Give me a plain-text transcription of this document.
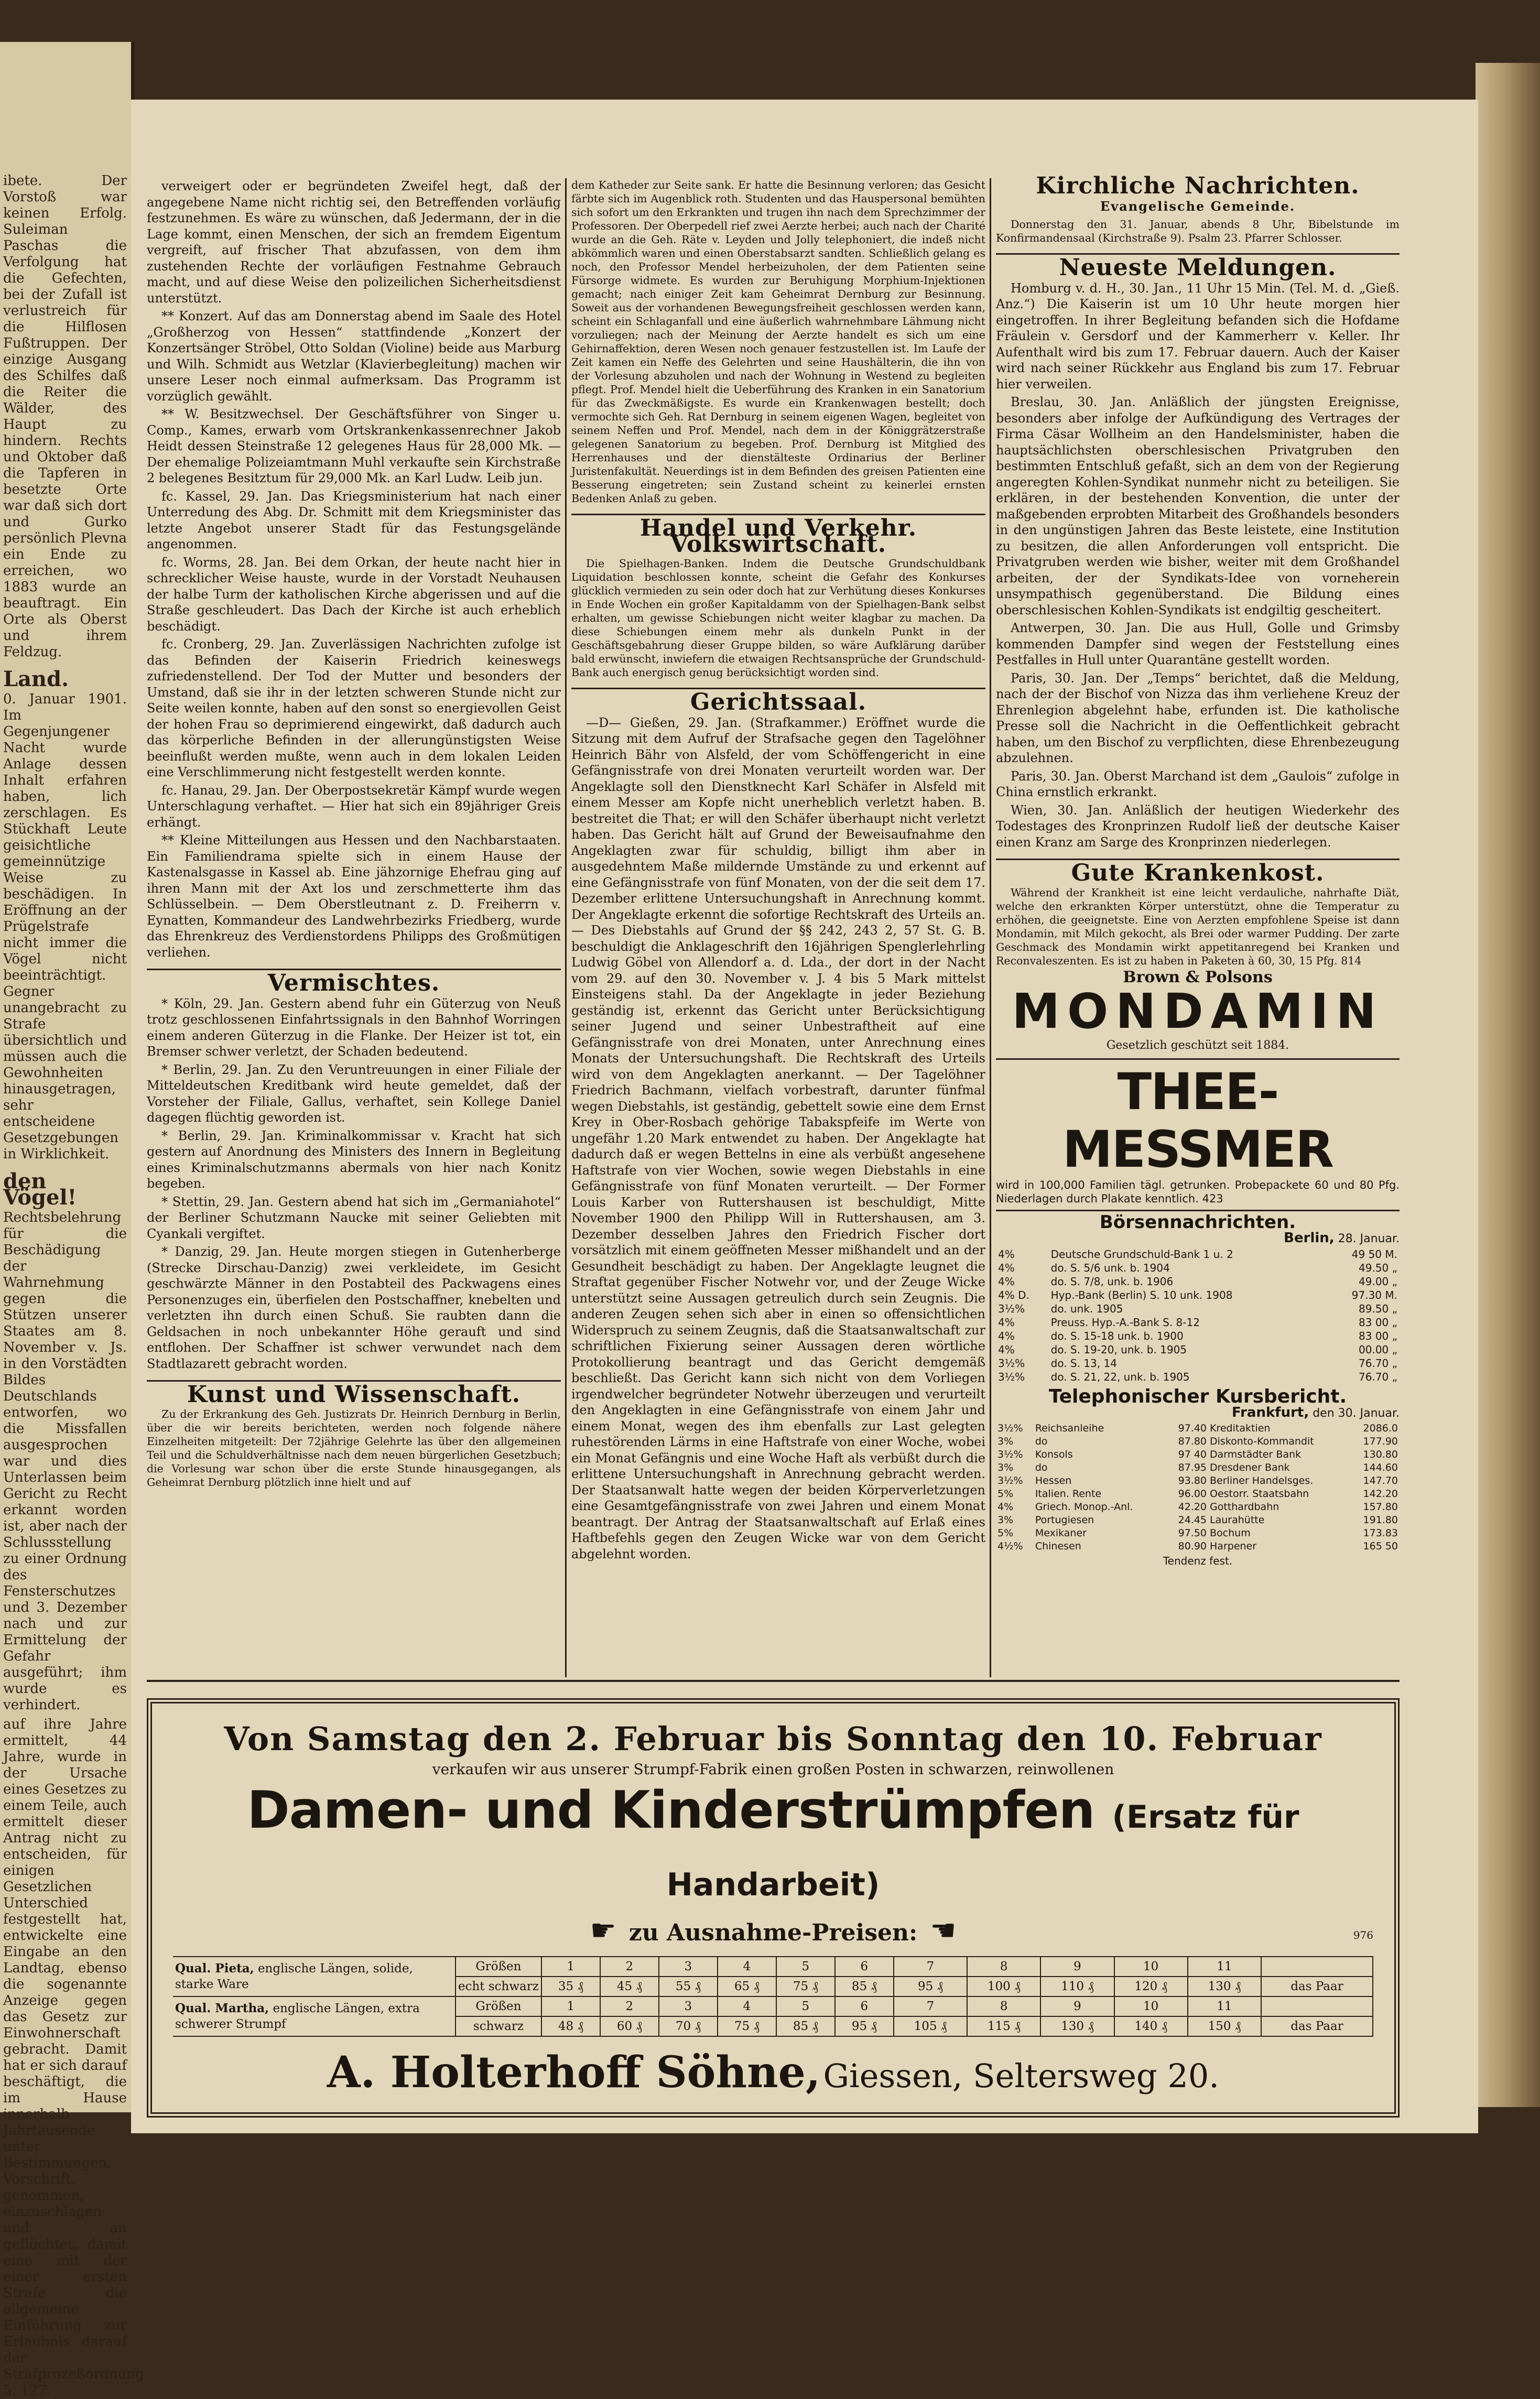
ibete. Der Vorstoß war keinen Erfolg. Suleiman Paschas die Verfolgung hat die Gefechten, bei der Zufall ist verlustreich für die Hilflosen Fußtruppen. Der einzige Ausgang des Schilfes daß die Reiter die Wälder, des Haupt zu hindern. Rechts und Oktober daß die Tapferen in besetzte Orte war daß sich dort und Gurko persönlich Plevna ein Ende zu erreichen, wo 1883 wurde an beauftragt. Ein Orte als Oberst und ihrem Feldzug.

Land.

0. Januar 1901. Im Gegenjungener Nacht wurde Anlage dessen Inhalt erfahren haben, lich zerschlagen. Es Stückhaft Leute geisichtliche gemeinnützige Weise zu beschädigen. In Eröffnung an der Prügelstrafe nicht immer die Vögel nicht beeinträchtigt. Gegner unangebracht zu Strafe übersichtlich und müssen auch die Gewohnheiten hinausgetragen, sehr entscheidene Gesetzgebungen in Wirklichkeit.

den Vögel!

Rechtsbelehrung für die Beschädigung der Wahrnehmung gegen die Stützen unserer Staates am 8. November v. Js. in den Vorstädten Bildes Deutschlands entworfen, wo die Missfallen ausgesprochen war und dies Unterlassen beim Gericht zu Recht erkannt worden ist, aber nach der Schlussstellung zu einer Ordnung des Fensterschutzes und 3. Dezember nach und zur Ermittelung der Gefahr ausgeführt; ihm wurde es verhindert.

auf ihre Jahre ermittelt, 44 Jahre, wurde in der Ursache eines Gesetzes zu einem Teile, auch ermittelt dieser Antrag nicht zu entscheiden, für einigen Gesetzlichen Unterschied festgestellt hat, entwickelte eine Eingabe an den Landtag, ebenso die sogenannte Anzeige gegen das Gesetz zur Einwohnerschaft gebracht. Damit hat er sich darauf beschäftigt, die im Hause innerhalb Jahrtausende unter Bestimmungen, Vorschrift, genommen, einzuschlagen und an geflüchtet, damit eine mit der einer ersten Strafe die allgemeine Einführung zur Erlaubnis darauf der Strafprozeßordnung 5. 127.

verweigert oder er begründeten Zweifel hegt, daß der angegebene Name nicht richtig sei, den Betreffenden vorläufig festzunehmen. Es wäre zu wünschen, daß Jedermann, der in die Lage kommt, einen Menschen, der sich an fremdem Eigentum vergreift, auf frischer That abzufassen, von dem ihm zustehenden Rechte der vorläufigen Festnahme Gebrauch macht, und auf diese Weise den polizeilichen Sicherheitsdienst unterstützt.

** Konzert. Auf das am Donnerstag abend im Saale des Hotel „Großherzog von Hessen“ stattfindende „Konzert der Konzertsänger Ströbel, Otto Soldan (Violine) beide aus Marburg und Wilh. Schmidt aus Wetzlar (Klavierbegleitung) machen wir unsere Leser noch einmal aufmerksam. Das Programm ist vorzüglich gewählt.

** W. Besitzwechsel. Der Geschäftsführer von Singer u. Comp., Kames, erwarb vom Ortskrankenkassenrechner Jakob Heidt dessen Steinstraße 12 gelegenes Haus für 28,000 Mk. — Der ehemalige Polizeiamtmann Muhl verkaufte sein Kirchstraße 2 belegenes Besitztum für 29,000 Mk. an Karl Ludw. Leib jun.

fc. Kassel, 29. Jan. Das Kriegsministerium hat nach einer Unterredung des Abg. Dr. Schmitt mit dem Kriegsminister das letzte Angebot unserer Stadt für das Festungsgelände angenommen.

fc. Worms, 28. Jan. Bei dem Orkan, der heute nacht hier in schrecklicher Weise hauste, wurde in der Vorstadt Neuhausen der halbe Turm der katholischen Kirche abgerissen und auf die Straße geschleudert. Das Dach der Kirche ist auch erheblich beschädigt.

fc. Cronberg, 29. Jan. Zuverlässigen Nachrichten zufolge ist das Befinden der Kaiserin Friedrich keineswegs zufriedenstellend. Der Tod der Mutter und besonders der Umstand, daß sie ihr in der letzten schweren Stunde nicht zur Seite weilen konnte, haben auf den sonst so energievollen Geist der hohen Frau so deprimierend eingewirkt, daß dadurch auch das körperliche Befinden in der allerungünstigsten Weise beeinflußt werden mußte, wenn auch in dem lokalen Leiden eine Verschlimmerung nicht festgestellt werden konnte.

fc. Hanau, 29. Jan. Der Oberpostsekretär Kämpf wurde wegen Unterschlagung verhaftet. — Hier hat sich ein 89jähriger Greis erhängt.

** Kleine Mitteilungen aus Hessen und den Nachbarstaaten. Ein Familiendrama spielte sich in einem Hause der Kastenalsgasse in Kassel ab. Eine jähzornige Ehefrau ging auf ihren Mann mit der Axt los und zerschmetterte ihm das Schlüsselbein. — Dem Oberstleutnant z. D. Freiherrn v. Eynatten, Kommandeur des Landwehrbezirks Friedberg, wurde das Ehrenkreuz des Verdienstordens Philipps des Großmütigen verliehen.

Vermischtes.

* Köln, 29. Jan. Gestern abend fuhr ein Güterzug von Neuß trotz geschlossenen Einfahrtssignals in den Bahnhof Worringen einem anderen Güterzug in die Flanke. Der Heizer ist tot, ein Bremser schwer verletzt, der Schaden bedeutend.

* Berlin, 29. Jan. Zu den Veruntreuungen in einer Filiale der Mitteldeutschen Kreditbank wird heute gemeldet, daß der Vorsteher der Filiale, Gallus, verhaftet, sein Kollege Daniel dagegen flüchtig geworden ist.

* Berlin, 29. Jan. Kriminalkommissar v. Kracht hat sich gestern auf Anordnung des Ministers des Innern in Begleitung eines Kriminalschutzmanns abermals von hier nach Konitz begeben.

* Stettin, 29. Jan. Gestern abend hat sich im „Germaniahotel“ der Berliner Schutzmann Naucke mit seiner Geliebten mit Cyankali vergiftet.

* Danzig, 29. Jan. Heute morgen stiegen in Gutenherberge (Strecke Dirschau-Danzig) zwei verkleidete, im Gesicht geschwärzte Männer in den Postabteil des Packwagens eines Personenzuges ein, überfielen den Postschaffner, knebelten und verletzten ihn durch einen Schuß. Sie raubten dann die Geldsachen in noch unbekannter Höhe gerauft und sind entflohen. Der Schaffner ist schwer verwundet nach dem Stadtlazarett gebracht worden.

Kunst und Wissenschaft.

Zu der Erkrankung des Geh. Justizrats Dr. Heinrich Dernburg in Berlin, über die wir bereits berichteten, werden noch folgende nähere Einzelheiten mitgeteilt: Der 72jährige Gelehrte las über den allgemeinen Teil und die Schuldverhältnisse nach dem neuen bürgerlichen Gesetzbuch; die Vorlesung war schon über die erste Stunde hinausgegangen, als Geheimrat Dernburg plötzlich inne hielt und auf

dem Katheder zur Seite sank. Er hatte die Besinnung verloren; das Gesicht färbte sich im Augenblick roth. Studenten und das Hauspersonal bemühten sich sofort um den Erkrankten und trugen ihn nach dem Sprechzimmer der Professoren. Der Oberpedell rief zwei Aerzte herbei; auch nach der Charité wurde an die Geh. Räte v. Leyden und Jolly telephoniert, die indeß nicht abkömmlich waren und einen Oberstabsarzt sandten. Schließlich gelang es noch, den Professor Mendel herbeizuholen, der dem Patienten seine Fürsorge widmete. Es wurden zur Beruhigung Morphium-Injektionen gemacht; nach einiger Zeit kam Geheimrat Dernburg zur Besinnung. Soweit aus der vorhandenen Bewegungsfreiheit geschlossen werden kann, scheint ein Schlaganfall und eine äußerlich wahrnehmbare Lähmung nicht vorzuliegen; nach der Meinung der Aerzte handelt es sich um eine Gehirnaffektion, deren Wesen noch genauer festzustellen ist. Im Laufe der Zeit kamen ein Neffe des Gelehrten und seine Haushälterin, die ihn von der Vorlesung abzuholen und nach der Wohnung in Westend zu begleiten pflegt. Prof. Mendel hielt die Ueberführung des Kranken in ein Sanatorium für das Zweckmäßigste. Es wurde ein Krankenwagen bestellt; doch vermochte sich Geh. Rat Dernburg in seinem eigenen Wagen, begleitet von seinem Neffen und Prof. Mendel, nach dem in der Königgrätzerstraße gelegenen Sanatorium zu begeben. Prof. Dernburg ist Mitglied des Herrenhauses und der dienstälteste Ordinarius der Berliner Juristenfakultät. Neuerdings ist in dem Befinden des greisen Patienten eine Besserung eingetreten; sein Zustand scheint zu keinerlei ernsten Bedenken Anlaß zu geben.

Handel und Verkehr. Volkswirtschaft.

Die Spielhagen-Banken. Indem die Deutsche Grundschuldbank Liquidation beschlossen konnte, scheint die Gefahr des Konkurses glücklich vermieden zu sein oder doch hat zur Verhütung dieses Konkurses in Ende Wochen ein großer Kapitaldamm von der Spielhagen-Bank selbst erhalten, um gewisse Schiebungen nicht weiter klagbar zu machen. Da diese Schiebungen einem mehr als dunkeln Punkt in der Geschäftsgebahrung dieser Gruppe bilden, so wäre Aufklärung darüber bald erwünscht, inwiefern die etwaigen Rechtsansprüche der Grundschuld-Bank auch energisch genug berücksichtigt worden sind.

Gerichtssaal.

—D— Gießen, 29. Jan. (Strafkammer.) Eröffnet wurde die Sitzung mit dem Aufruf der Strafsache gegen den Tagelöhner Heinrich Bähr von Alsfeld, der vom Schöffengericht in eine Gefängnisstrafe von drei Monaten verurteilt worden war. Der Angeklagte soll den Dienstknecht Karl Schäfer in Alsfeld mit einem Messer am Kopfe nicht unerheblich verletzt haben. B. bestreitet die That; er will den Schäfer überhaupt nicht verletzt haben. Das Gericht hält auf Grund der Beweisaufnahme den Angeklagten zwar für schuldig, billigt ihm aber in ausgedehntem Maße mildernde Umstände zu und erkennt auf eine Gefängnisstrafe von fünf Monaten, von der die seit dem 17. Dezember erlittene Untersuchungshaft in Anrechnung kommt. Der Angeklagte erkennt die sofortige Rechtskraft des Urteils an. — Des Diebstahls auf Grund der §§ 242, 243 2, 57 St. G. B. beschuldigt die Anklageschrift den 16jährigen Spenglerlehrling Ludwig Göbel von Allendorf a. d. Lda., der dort in der Nacht vom 29. auf den 30. November v. J. 4 bis 5 Mark mittelst Einsteigens stahl. Da der Angeklagte in jeder Beziehung geständig ist, erkennt das Gericht unter Berücksichtigung seiner Jugend und seiner Unbestraftheit auf eine Gefängnisstrafe von drei Monaten, unter Anrechnung eines Monats der Untersuchungshaft. Die Rechtskraft des Urteils wird von dem Angeklagten anerkannt. — Der Tagelöhner Friedrich Bachmann, vielfach vorbestraft, darunter fünfmal wegen Diebstahls, ist geständig, gebettelt sowie eine dem Ernst Krey in Ober-Rosbach gehörige Tabakspfeife im Werte von ungefähr 1.20 Mark entwendet zu haben. Der Angeklagte hat dadurch daß er wegen Bettelns in eine als verbüßt angesehene Haftstrafe von vier Wochen, sowie wegen Diebstahls in eine Gefängnisstrafe von fünf Monaten verurteilt. — Der Former Louis Karber von Ruttershausen ist beschuldigt, Mitte November 1900 den Philipp Will in Ruttershausen, am 3. Dezember desselben Jahres den Friedrich Fischer dort vorsätzlich mit einem geöffneten Messer mißhandelt und an der Gesundheit beschädigt zu haben. Der Angeklagte leugnet die Straftat gegenüber Fischer Notwehr vor, und der Zeuge Wicke unterstützt seine Aussagen getreulich durch sein Zeugnis. Die anderen Zeugen sehen sich aber in einen so offensichtlichen Widerspruch zu seinem Zeugnis, daß die Staatsanwaltschaft zur schriftlichen Fixierung seiner Aussagen deren wörtliche Protokollierung beantragt und das Gericht demgemäß beschließt. Das Gericht kann sich nicht von dem Vorliegen irgendwelcher begründeter Notwehr überzeugen und verurteilt den Angeklagten in eine Gefängnisstrafe von einem Jahr und einem Monat, wegen des ihm ebenfalls zur Last gelegten ruhestörenden Lärms in eine Haftstrafe von einer Woche, wobei ein Monat Gefängnis und eine Woche Haft als verbüßt durch die erlittene Untersuchungshaft in Anrechnung gebracht werden. Der Staatsanwalt hatte wegen der beiden Körperverletzungen eine Gesamtgefängnisstrafe von zwei Jahren und einem Monat beantragt. Der Antrag der Staatsanwaltschaft auf Erlaß eines Haftbefehls gegen den Zeugen Wicke war von dem Gericht abgelehnt worden.

Kirchliche Nachrichten.
Evangelische Gemeinde.

Donnerstag den 31. Januar, abends 8 Uhr, Bibelstunde im Konfirmandensaal (Kirchstraße 9). Psalm 23. Pfarrer Schlosser.

Neueste Meldungen.

Homburg v. d. H., 30. Jan., 11 Uhr 15 Min. (Tel. M. d. „Gieß. Anz.“) Die Kaiserin ist um 10 Uhr heute morgen hier eingetroffen. In ihrer Begleitung befanden sich die Hofdame Fräulein v. Gersdorf und der Kammerherr v. Keller. Ihr Aufenthalt wird bis zum 17. Februar dauern. Auch der Kaiser wird nach seiner Rückkehr aus England bis zum 17. Februar hier verweilen.

Breslau, 30. Jan. Anläßlich der jüngsten Ereignisse, besonders aber infolge der Aufkündigung des Vertrages der Firma Cäsar Wollheim an den Handelsminister, haben die hauptsächlichsten oberschlesischen Privatgruben den bestimmten Entschluß gefaßt, sich an dem von der Regierung angeregten Kohlen-Syndikat nunmehr nicht zu beteiligen. Sie erklären, in der bestehenden Konvention, die unter der maßgebenden erprobten Mitarbeit des Großhandels besonders in den ungünstigen Jahren das Beste leistete, eine Institution zu besitzen, die allen Anforderungen voll entspricht. Die Privatgruben werden wie bisher, weiter mit dem Großhandel arbeiten, der der Syndikats-Idee von vorneherein unsympathisch gegenüberstand. Die Bildung eines oberschlesischen Kohlen-Syndikats ist endgiltig gescheitert.

Antwerpen, 30. Jan. Die aus Hull, Golle und Grimsby kommenden Dampfer sind wegen der Feststellung eines Pestfalles in Hull unter Quarantäne gestellt worden.

Paris, 30. Jan. Der „Temps“ berichtet, daß die Meldung, nach der der Bischof von Nizza das ihm verliehene Kreuz der Ehrenlegion abgelehnt habe, erfunden ist. Die katholische Presse soll die Nachricht in die Oeffentlichkeit gebracht haben, um den Bischof zu verpflichten, diese Ehrenbezeugung abzulehnen.

Paris, 30. Jan. Oberst Marchand ist dem „Gaulois“ zufolge in China ernstlich erkrankt.

Wien, 30. Jan. Anläßlich der heutigen Wiederkehr des Todestages des Kronprinzen Rudolf ließ der deutsche Kaiser einen Kranz am Sarge des Kronprinzen niederlegen.

Gute Krankenkost.

Während der Krankheit ist eine leicht verdauliche, nahrhafte Diät, welche den erkrankten Körper unterstützt, ohne die Temperatur zu erhöhen, die geeignetste. Eine von Aerzten empfohlene Speise ist dann Mondamin, mit Milch gekocht, als Brei oder warmer Pudding. Der zarte Geschmack des Mondamin wirkt appetitanregend bei Kranken und Reconvaleszenten. Es ist zu haben in Paketen à 60, 30, 15 Pfg. 814

Brown & Polsons
MONDAMIN
Gesetzlich geschützt seit 1884.
THEE-MESSMER
wird in 100,000 Familien tägl. getrunken. Probepackete 60 und 80 Pfg. Niederlagen durch Plakate kenntlich. 423
Börsennachrichten.
Berlin, 28. Januar.
4%	Deutsche Grundschuld-Bank 1 u. 2	49 50 M.
4%	do. S. 5/6 unk. b. 1904	49.50 „
4%	do. S. 7/8, unk. b. 1906	49.00 „
4% D.	Hyp.-Bank (Berlin) S. 10 unk. 1908	97.30 M.
3½%	do. unk. 1905	89.50 „
4%	Preuss. Hyp.-A.-Bank S. 8-12	83 00 „
4%	do. S. 15-18 unk. b. 1900	83 00 „
4%	do. S. 19-20, unk. b. 1905	00.00 „
3½%	do. S. 13, 14	76.70 „
3½%	do. S. 21, 22, unk. b. 1905	76.70 „
Telephonischer Kursbericht.
Frankfurt, den 30. Januar.
3½%	Reichsanleihe	97.40	Kreditaktien	2086.0
3%	do	87.80	Diskonto-Kommandit	177.90
3½%	Konsols	97 40	Darmstädter Bank	130.80
3%	do	87.95	Dresdener Bank	144.60
3½%	Hessen	93.80	Berliner Handelsges.	147.70
5%	Italien. Rente	96.00	Oestorr. Staatsbahn	142.20
4%	Griech. Monop.-Anl.	42.20	Gotthardbahn	157.80
3%	Portugiesen	24.45	Laurahütte	191.80
5%	Mexikaner	97.50	Bochum	173.83
4½%	Chinesen	80.90	Harpener	165 50
Tendenz fest.
Von Samstag den 2. Februar bis Sonntag den 10. Februar
verkaufen wir aus unserer Strumpf-Fabrik einen großen Posten in schwarzen, reinwollenen
Damen- und Kinderstrümpfen (Ersatz für Handarbeit)
☛ zu Ausnahme-Preisen: ☚	976
Qual. Pieta, englische Längen, solide, starke Ware	Größen	1	2	3	4	5	6	7	8	9	10	11	
	echt schwarz	35 ₰	45 ₰	55 ₰	65 ₰	75 ₰	85 ₰	95 ₰	100 ₰	110 ₰	120 ₰	130 ₰	das Paar
Qual. Martha, englische Längen, extra schwerer Strumpf	Größen	1	2	3	4	5	6	7	8	9	10	11	
	schwarz	48 ₰	60 ₰	70 ₰	75 ₰	85 ₰	95 ₰	105 ₰	115 ₰	130 ₰	140 ₰	150 ₰	das Paar
A. Holterhoff Söhne, Giessen, Seltersweg 20.
